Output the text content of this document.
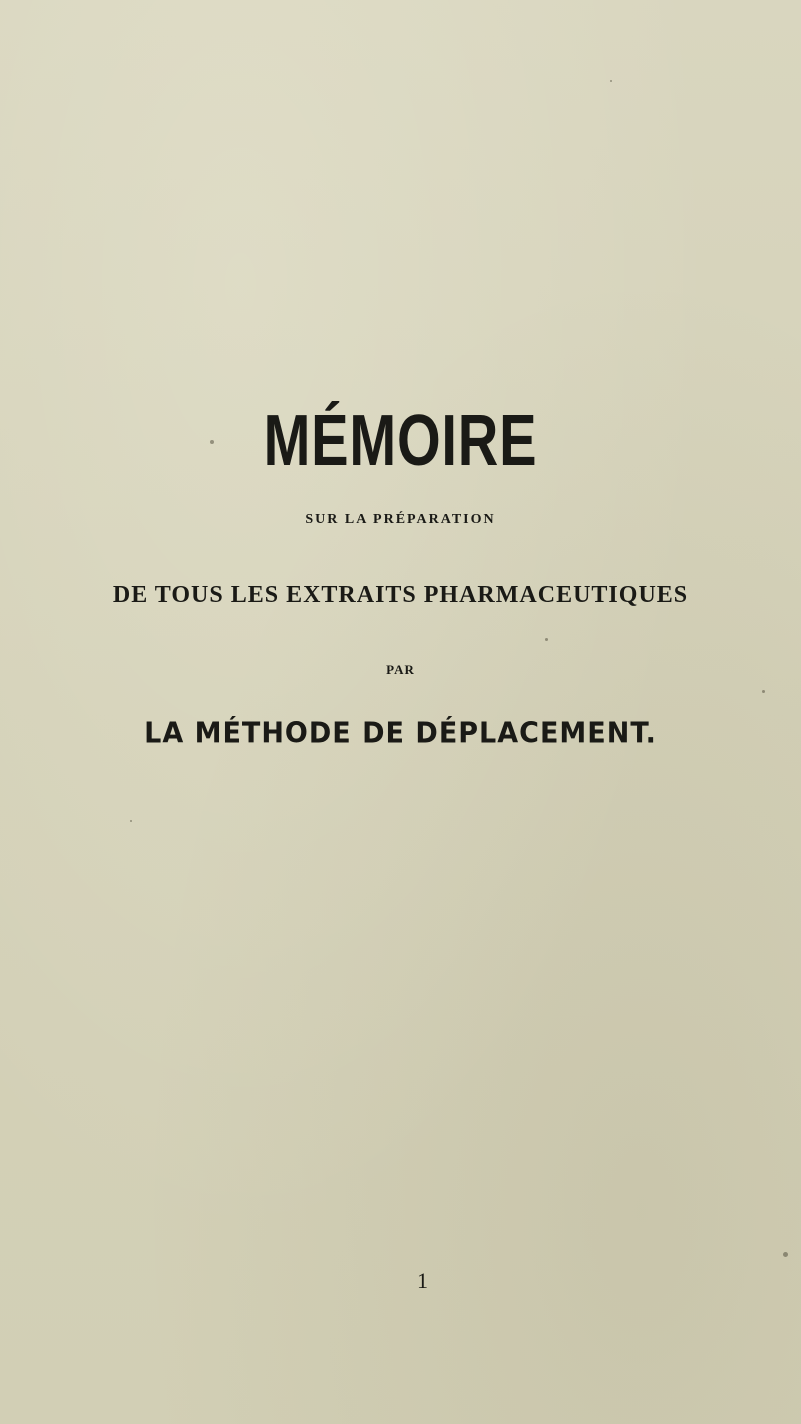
MÉMOIRE
SUR LA PRÉPARATION
DE TOUS LES EXTRAITS PHARMACEUTIQUES
PAR
LA MÉTHODE DE DÉPLACEMENT.
1
